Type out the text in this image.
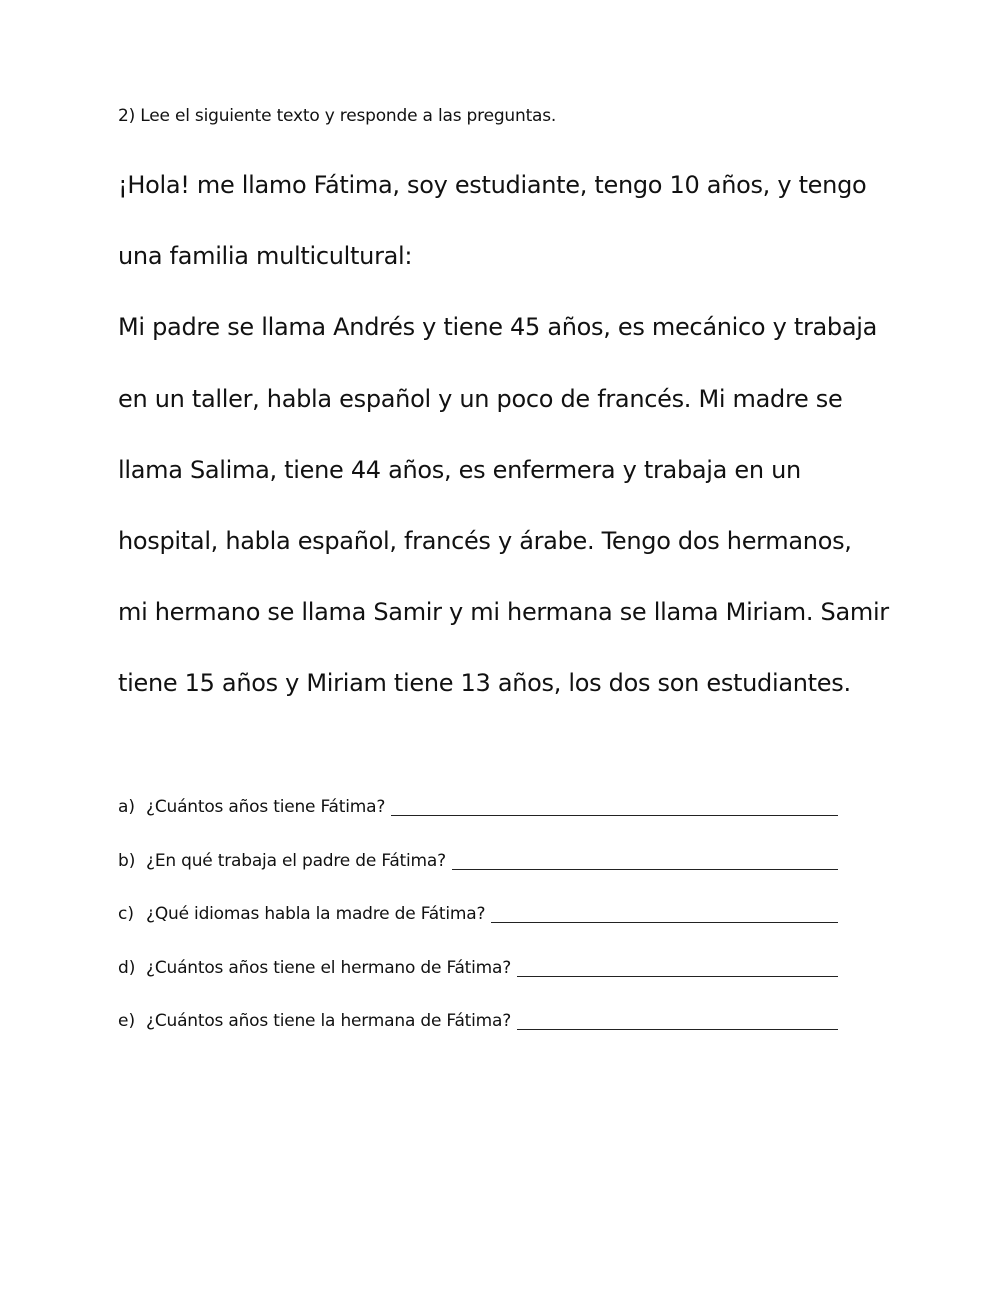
2) Lee el siguiente texto y responde a las preguntas.
¡Hola! me llamo Fátima, soy estudiante, tengo 10 años, y tengo
una familia multicultural:
Mi padre se llama Andrés y tiene 45 años, es mecánico y trabaja
en un taller, habla español y un poco de francés. Mi madre se
llama Salima, tiene 44 años, es enfermera y trabaja en un
hospital, habla español, francés y árabe. Tengo dos hermanos,
mi hermano se llama Samir y mi hermana se llama Miriam. Samir
tiene 15 años y Miriam tiene 13 años, los dos son estudiantes.
a) ¿Cuántos años tiene Fátima?
b) ¿En qué trabaja el padre de Fátima?
c) ¿Qué idiomas habla la madre de Fátima?
d) ¿Cuántos años tiene el hermano de Fátima?
e) ¿Cuántos años tiene la hermana de Fátima?
